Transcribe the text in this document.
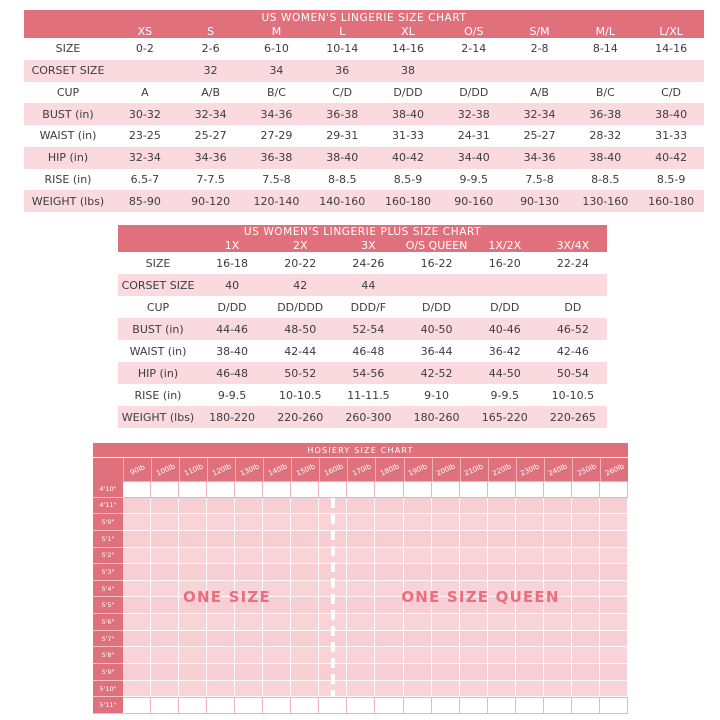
US WOMEN'S LINGERIE SIZE CHART
XS	S	M	L	XL	O/S	S/M	M/L	L/XL
SIZE	0-2	2-6	6-10	10-14	14-16	2-14	2-8	8-14	14-16
CORSET SIZE	32	34	36	38
CUP	A	A/B	B/C	C/D	D/DD	D/DD	A/B	B/C	C/D
BUST (in)	30-32	32-34	34-36	36-38	38-40	32-38	32-34	36-38	38-40
WAIST (in)	23-25	25-27	27-29	29-31	31-33	24-31	25-27	28-32	31-33
HIP (in)	32-34	34-36	36-38	38-40	40-42	34-40	34-36	38-40	40-42
RISE (in)	6.5-7	7-7.5	7.5-8	8-8.5	8.5-9	9-9.5	7.5-8	8-8.5	8.5-9
WEIGHT (lbs)	85-90	90-120	120-140	140-160	160-180	90-160	90-130	130-160	160-180
US WOMEN'S LINGERIE PLUS SIZE CHART
1X	2X	3X	O/S QUEEN	1X/2X	3X/4X
SIZE	16-18	20-22	24-26	16-22	16-20	22-24
CORSET SIZE	40	42	44
CUP	D/DD	DD/DDD	DDD/F	D/DD	D/DD	DD
BUST (in)	44-46	48-50	52-54	40-50	40-46	46-52
WAIST (in)	38-40	42-44	46-48	36-44	36-42	42-46
HIP (in)	46-48	50-52	54-56	42-52	44-50	50-54
RISE (in)	9-9.5	10-10.5	11-11.5	9-10	9-9.5	10-10.5
WEIGHT (lbs)	180-220	220-260	260-300	180-260	165-220	220-265
HOSIERY SIZE CHART
90lb 100lb 110lb 120lb 130lb 140lb 150lb 160lb 170lb 180lb 190lb 200lb 210lb 220lb 230lb 240lb 250lb 260lb
ONE SIZE	ONE SIZE QUEEN
4'10"
4'11"
5'0"
5'1"
5'2"
5'3"
5'4"
5'5"
5'6"
5'7"
5'8"
5'9"
5'10"
5'11"
